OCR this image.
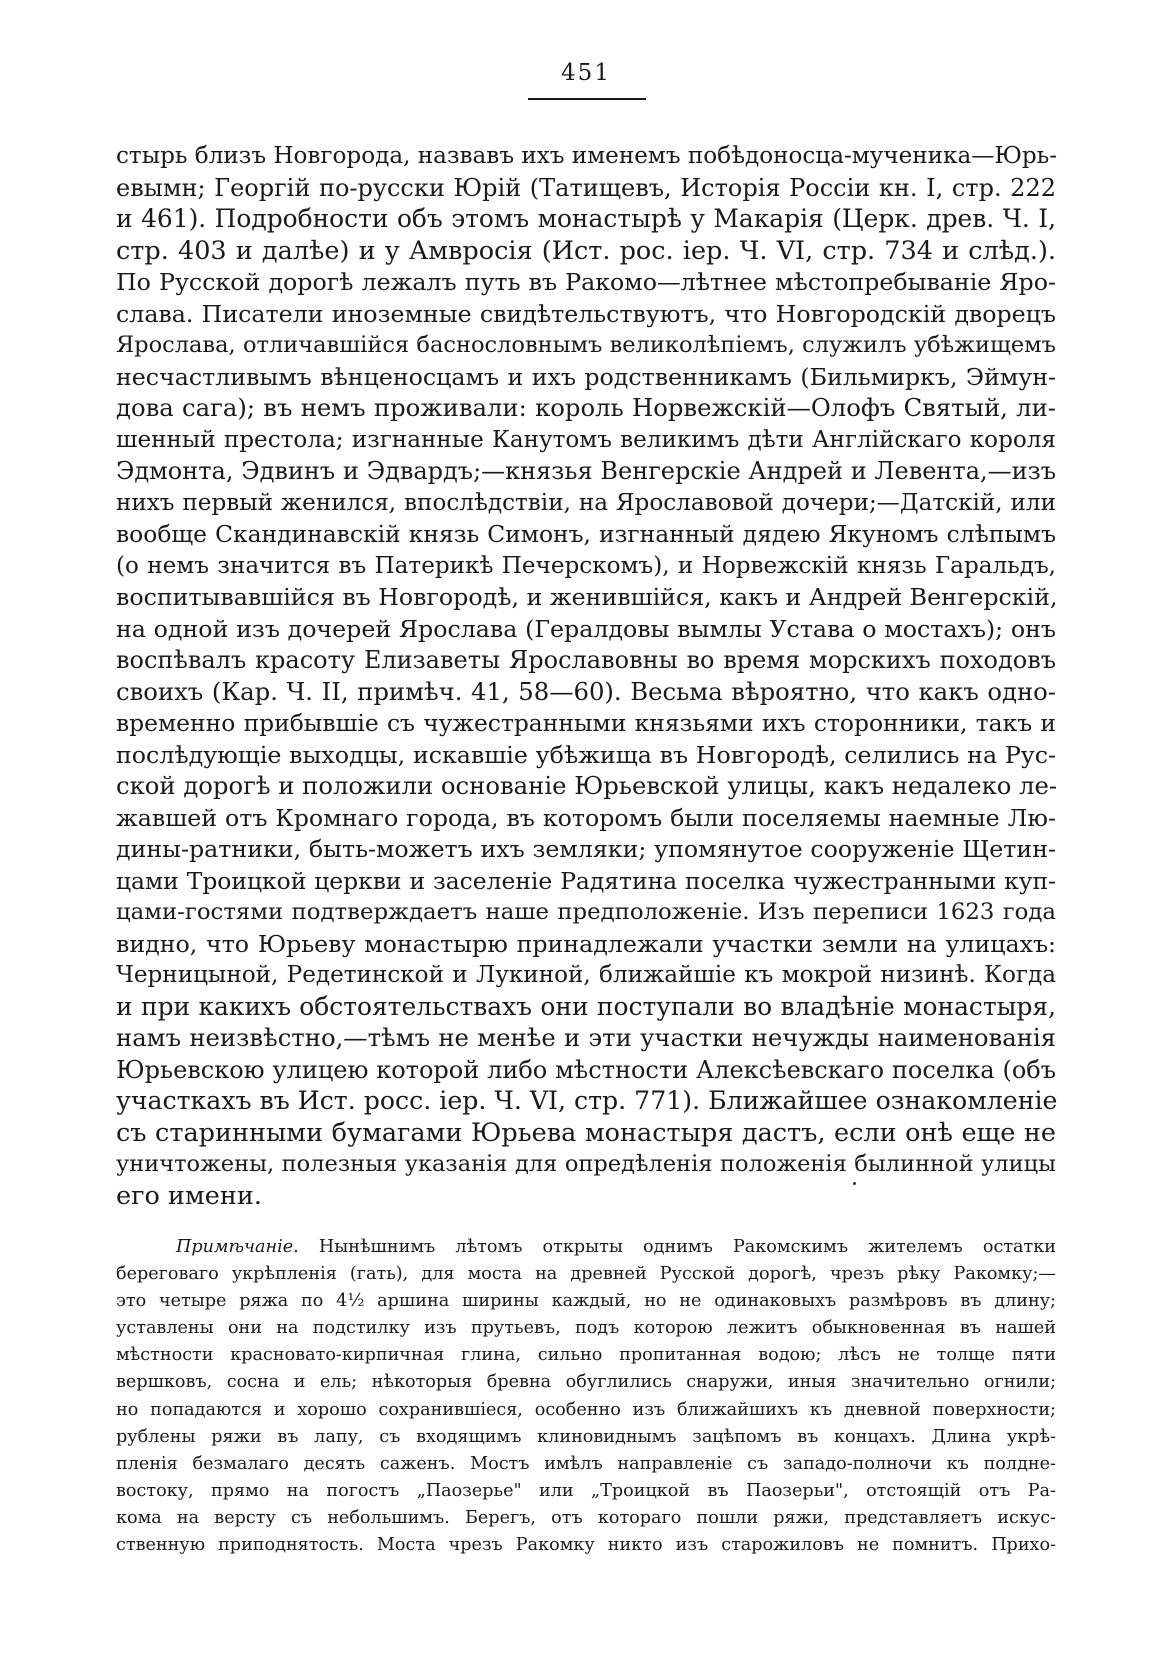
451
стырь близъ Новгорода, назвавъ ихъ именемъ побѣдоносца-мученика—Юрь-
евымн; Георгій по-русски Юрій (Татищевъ, Исторія Россіи кн. I, стр. 222
и 461). Подробности объ этомъ монастырѣ у Макарія (Церк. древ. Ч. I,
стр. 403 и далѣе) и у Амвросія (Ист. рос. іер. Ч. VI, стр. 734 и слѣд.).
По Русской дорогѣ лежалъ путь въ Ракомо—лѣтнее мѣстопребываніе Яро-
слава. Писатели иноземные свидѣтельствуютъ, что Новгородскій дворецъ
Ярослава, отличавшійся баснословнымъ великолѣпіемъ, служилъ убѣжищемъ
несчастливымъ вѣнценосцамъ и ихъ родственникамъ (Бильмиркъ, Эймун-
дова сага); въ немъ проживали: король Норвежскій—Олофъ Святый, ли-
шенный престола; изгнанные Канутомъ великимъ дѣти Англійскаго короля
Эдмонта, Эдвинъ и Эдвардъ;—князья Венгерскіе Андрей и Левента,—изъ
нихъ первый женился, впослѣдствіи, на Ярославовой дочери;—Датскій, или
вообще Скандинавскій князь Симонъ, изгнанный дядею Якуномъ слѣпымъ
(о немъ значится въ Патерикѣ Печерскомъ), и Норвежскій князь Гаральдъ,
воспитывавшійся въ Новгородѣ, и женившійся, какъ и Андрей Венгерскій,
на одной изъ дочерей Ярослава (Гералдовы вымлы Устава о мостахъ); онъ
воспѣвалъ красоту Елизаветы Ярославовны во время морскихъ походовъ
своихъ (Кар. Ч. II, примѣч. 41, 58—60). Весьма вѣроятно, что какъ одно-
временно прибывшіе съ чужестранными князьями ихъ сторонники, такъ и
послѣдующіе выходцы, искавшіе убѣжища въ Новгородѣ, селились на Рус-
ской дорогѣ и положили основаніе Юрьевской улицы, какъ недалеко ле-
жавшей отъ Кромнаго города, въ которомъ были поселяемы наемные Лю-
дины-ратники, быть-можетъ ихъ земляки; упомянутое сооруженіе Щетин-
цами Троицкой церкви и заселеніе Радятина поселка чужестранными куп-
цами-гостями подтверждаетъ наше предположеніе. Изъ переписи 1623 года
видно, что Юрьеву монастырю принадлежали участки земли на улицахъ:
Черницыной, Редетинской и Лукиной, ближайшіе къ мокрой низинѣ. Когда
и при какихъ обстоятельствахъ они поступали во владѣніе монастыря,
намъ неизвѣстно,—тѣмъ не менѣе и эти участки нечужды наименованія
Юрьевскою улицею которой либо мѣстности Алексѣевскаго поселка (объ
участкахъ въ Ист. росс. іер. Ч. VI, стр. 771). Ближайшее ознакомленіе
съ старинными бумагами Юрьева монастыря дастъ, если онѣ еще не
уничтожены, полезныя указанія для опредѣленія положенія былинной улицы
его имени.
Примѣчаніе. Нынѣшнимъ лѣтомъ открыты однимъ Ракомскимъ жителемъ остатки
береговаго укрѣпленія (гать), для моста на древней Русской дорогѣ, чрезъ рѣку Ракомку;—
это четыре ряжа по 4½ аршина ширины каждый, но не одинаковыхъ размѣровъ въ длину;
уставлены они на подстилку изъ прутьевъ, подъ которою лежитъ обыкновенная въ нашей
мѣстности красновато-кирпичная глина, сильно пропитанная водою; лѣсъ не толще пяти
вершковъ, сосна и ель; нѣкоторыя бревна обуглились снаружи, иныя значительно огнили;
но попадаются и хорошо сохранившіеся, особенно изъ ближайшихъ къ дневной поверхности;
рублены ряжи въ лапу, съ входящимъ клиновиднымъ зацѣпомъ въ концахъ. Длина укрѣ-
пленія безмалаго десять саженъ. Мостъ имѣлъ направленіе съ западо-полночи къ полдне-
востоку, прямо на погостъ „Паозерье" или „Троицкой въ Паозерьи", отстоящій отъ Ра-
кома на версту съ небольшимъ. Берегъ, отъ котораго пошли ряжи, представляетъ искус-
ственную приподнятость. Моста чрезъ Ракомку никто изъ старожиловъ не помнитъ. Прихо-
